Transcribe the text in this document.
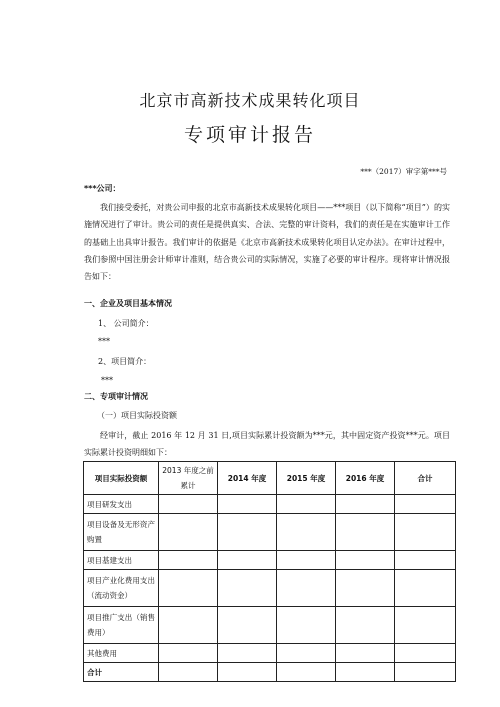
北京市高新技术成果转化项目
专项审计报告
***（2017）审字第***号
***公司：
我们接受委托，对贵公司申报的北京市高新技术成果转化项目——***项目（以下简称“项目”）的实施情况进行了审计。贵公司的责任是提供真实、合法、完整的审计资料，我们的责任是在实施审计工作的基础上出具审计报告。我们审计的依据是《北京市高新技术成果转化项目认定办法》。在审计过程中，我们参照中国注册会计师审计准则，结合贵公司的实际情况，实施了必要的审计程序。现将审计情况报告如下：
一、企业及项目基本情况
1、 公司简介：
***
2、项目简介：
***
二、专项审计情况
（一）项目实际投资额
经审计，截止 2016 年 12 月 31 日,项目实际累计投资额为***元，其中固定资产投资***元。项目实际累计投资明细如下：
项目实际投资额	2013 年度之前累计	2014 年度	2015 年度	2016 年度	合计
项目研发支出					
项目设备及无形资产购置					
项目基建支出					
项目产业化费用支出（流动资金）					
项目推广支出（销售费用）					
其他费用					
合计					
